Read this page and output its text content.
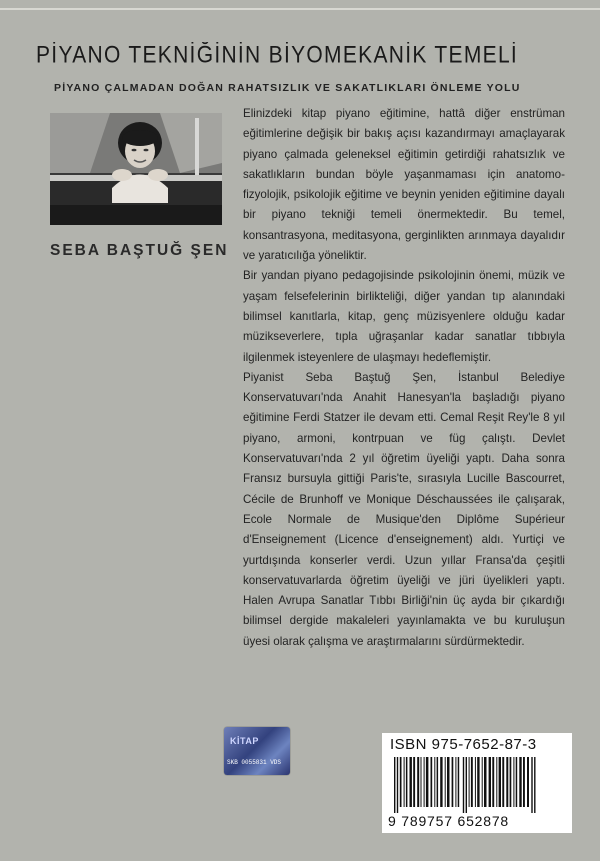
PİYANO TEKNİĞİNİN BİYOMEKANİK TEMELİ
PİYANO ÇALMADAN DOĞAN RAHATSIZLIK VE SAKATLIKLARI ÖNLEME YOLU
SEBA BAŞTUĞ ŞEN

Elinizdeki kitap piyano eğitimine, hattâ diğer enstrüman eğitimlerine değişik bir bakış açısı kazandırmayı amaçlayarak piyano çalmada geleneksel eğitimin getirdiği rahatsızlık ve sakatlıkların bundan böyle yaşanmaması için anatomo-fizyolojik, psikolojik eğitime ve beynin yeniden eğitimine dayalı bir piyano tekniği temeli önermektedir. Bu temel, konsantrasyona, meditasyona, gerginlikten arınmaya dayalıdır ve yaratıcılığa yöneliktir.

Bir yandan piyano pedagojisinde psikolojinin önemi, müzik ve yaşam felsefelerinin birlikteliği, diğer yandan tıp alanındaki bilimsel kanıtlarla, kitap, genç müzisyenlere olduğu kadar müzikseverlere, tıpla uğraşanlar kadar sanatlar tıbbıyla ilgilenmek isteyenlere de ulaşmayı hedeflemiştir.

Piyanist Seba Baştuğ Şen, İstanbul Belediye Konservatuvarı'nda Anahit Hanesyan'la başladığı piyano eğitimine Ferdi Statzer ile devam etti. Cemal Reşit Rey'le 8 yıl piyano, armoni, kontrpuan ve füg çalıştı. Devlet Konservatuvarı'nda 2 yıl öğretim üyeliği yaptı. Daha sonra Fransız bursuyla gittiği Paris'te, sırasıyla Lucille Bascourret, Cécile de Brunhoff ve Monique Déschaussées ile çalışarak, Ecole Normale de Musique'den Diplôme Supérieur d'Enseignement (Licence d'enseignement) aldı. Yurtiçi ve yurtdışında konserler verdi. Uzun yıllar Fransa'da çeşitli konservatuvarlarda öğretim üyeliği ve jüri üyelikleri yaptı. Halen Avrupa Sanatlar Tıbbı Birliği'nin üç ayda bir çıkardığı bilimsel dergide makaleleri yayınlamakta ve bu kuruluşun üyesi olarak çalışma ve araştırmalarını sürdürmektedir.

KİTAP
SKB 0055831 VDS
ISBN 975-7652-87-3
9 789757 652878
